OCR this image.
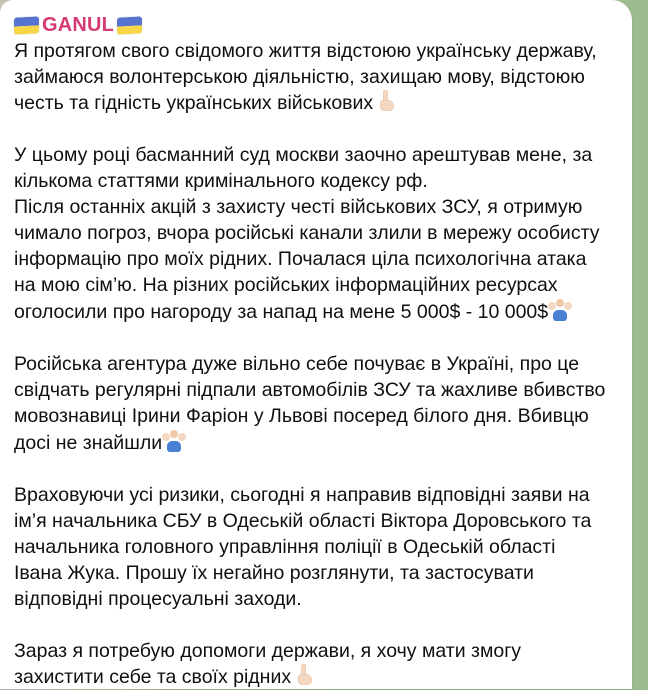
GANUL
Я протягом свого свідомого життя відстоюю українську державу,
займаюся волонтерською діяльністю, захищаю мову, відстоюю
честь та гідність українських військових
У цьому році басманний суд москви заочно арештував мене, за
кількома статтями кримінального кодексу рф.
Після останніх акцій з захисту честі військових ЗСУ, я отримую
чимало погроз, вчора російські канали злили в мережу особисту
інформацію про моїх рідних. Почалася ціла психологічна атака
на мою сім’ю. На різних російських інформаційних ресурсах
оголосили про нагороду за напад на мене 5 000$ - 10 000$
Російська агентура дуже вільно себе почуває в Україні, про це
свідчать регулярні підпали автомобілів ЗСУ та жахливе вбивство
мовознавиці Ірини Фаріон у Львові посеред білого дня. Вбивцю
досі не знайшли
Враховуючи усі ризики, сьогодні я направив відповідні заяви на
ім’я начальника СБУ в Одеській області Віктора Доровського та
начальника головного управління поліції в Одеській області
Івана Жука. Прошу їх негайно розглянути, та застосувати
відповідні процесуальні заходи.
Зараз я потребую допомоги держави, я хочу мати змогу
захистити себе та своїх рідних
